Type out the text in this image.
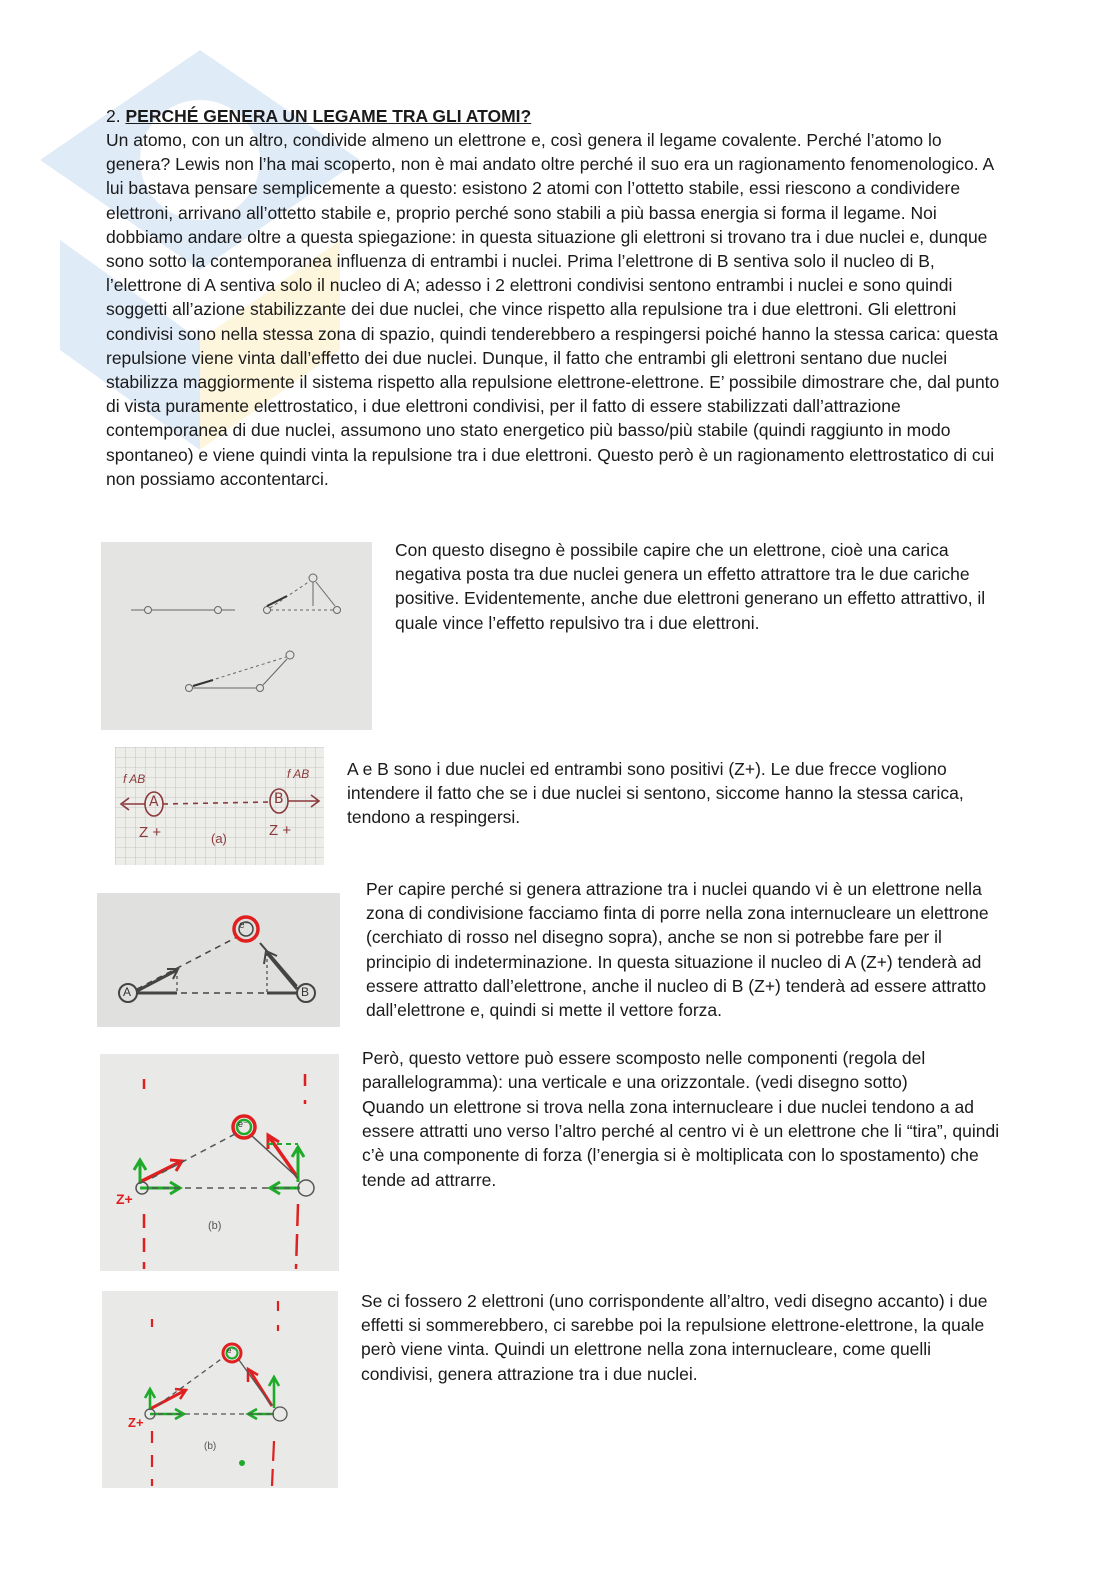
2. PERCHÉ GENERA UN LEGAME TRA GLI ATOMI?

Un atomo, con un altro, condivide almeno un elettrone e, così genera il legame covalente. Perché l’atomo lo genera? Lewis non l’ha mai scoperto, non è mai andato oltre perché il suo era un ragionamento fenomenologico. A lui bastava pensare semplicemente a questo: esistono 2 atomi con l’ottetto stabile, essi riescono a condividere elettroni, arrivano all’ottetto stabile e, proprio perché sono stabili a più bassa energia si forma il legame. Noi dobbiamo andare oltre a questa spiegazione: in questa situazione gli elettroni si trovano tra i due nuclei e, dunque sono sotto la contemporanea influenza di entrambi i nuclei. Prima l’elettrone di B sentiva solo il nucleo di B, l’elettrone di A sentiva solo il nucleo di A; adesso i 2 elettroni condivisi sentono entrambi i nuclei e sono quindi soggetti all’azione stabilizzante dei due nuclei, che vince rispetto alla repulsione tra i due elettroni. Gli elettroni condivisi sono nella stessa zona di spazio, quindi tenderebbero a respingersi poiché hanno la stessa carica: questa repulsione viene vinta dall’effetto dei due nuclei. Dunque, il fatto che entrambi gli elettroni sentano due nuclei stabilizza maggiormente il sistema rispetto alla repulsione elettrone-elettrone. E’ possibile dimostrare che, dal punto di vista puramente elettrostatico, i due elettroni condivisi, per il fatto di essere stabilizzati dall’attrazione contemporanea di due nuclei, assumono uno stato energetico più basso/più stabile (quindi raggiunto in modo spontaneo) e viene quindi vinta la repulsione tra i due elettroni. Questo però è un ragionamento elettrostatico di cui non possiamo accontentarci.

Con questo disegno è possibile capire che un elettrone, cioè una carica negativa posta tra due nuclei genera un effetto attrattore tra le due cariche positive. Evidentemente, anche due elettroni generano un effetto attrattivo, il quale vince l’effetto repulsivo tra i due elettroni.

A	B
f AB	f AB
Z +	Z +
(a)

A e B sono i due nuclei ed entrambi sono positivi (Z+). Le due frecce vogliono intendere il fatto che se i due nuclei si sentono, siccome hanno la stessa carica, tendono a respingersi.

A	B
e⁻

Per capire perché si genera attrazione tra i nuclei quando vi è un elettrone nella zona di condivisione facciamo finta di porre nella zona internucleare un elettrone (cerchiato di rosso nel disegno sopra), anche se non si potrebbe fare per il principio di indeterminazione. In questa situazione il nucleo di A (Z+) tenderà ad essere attratto dall’elettrone, anche il nucleo di B (Z+) tenderà ad essere attratto dall’elettrone e, quindi si mette il vettore forza.

Però, questo vettore può essere scomposto nelle componenti (regola del parallelogramma): una verticale e una orizzontale. (vedi disegno sotto)

Z+
e⁻
(b)

Quando un elettrone si trova nella zona internucleare i due nuclei tendono a ad essere attratti uno verso l’altro perché al centro vi è un elettrone che li “tira”, quindi c’è una componente di forza (l’energia si è moltiplicata con lo spostamento) che tende ad attrarre.

Z+
e⁻
(b)

Se ci fossero 2 elettroni (uno corrispondente all’altro, vedi disegno accanto) i due effetti si sommerebbero, ci sarebbe poi la repulsione elettrone-elettrone, la quale però viene vinta. Quindi un elettrone nella zona internucleare, come quelli condivisi, genera attrazione tra i due nuclei.
